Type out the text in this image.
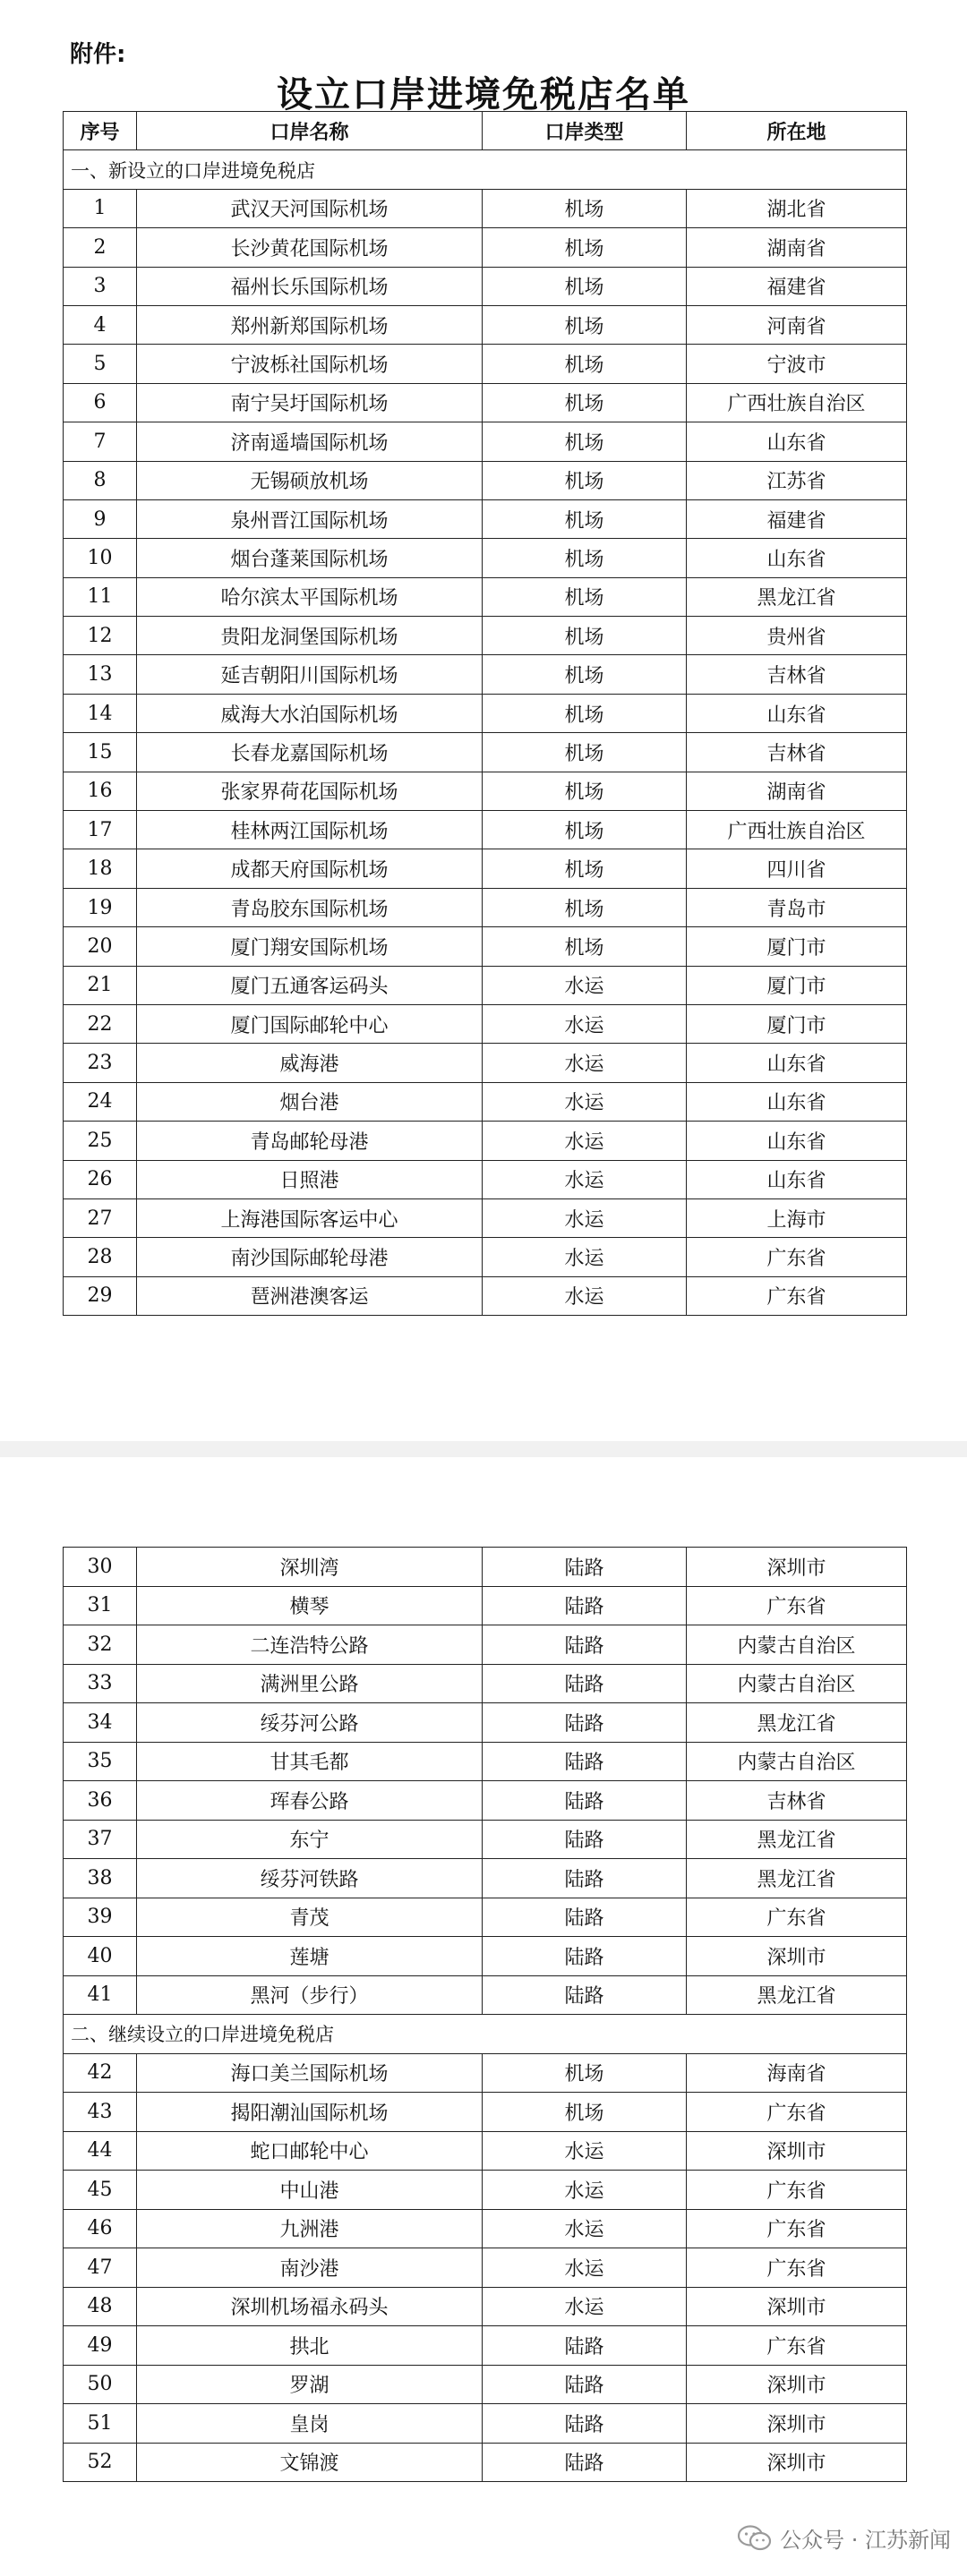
附件:
设立口岸进境免税店名单
序号	口岸名称	口岸类型	所在地
一、新设立的口岸进境免税店			
1	武汉天河国际机场	机场	湖北省
2	长沙黄花国际机场	机场	湖南省
3	福州长乐国际机场	机场	福建省
4	郑州新郑国际机场	机场	河南省
5	宁波栎社国际机场	机场	宁波市
6	南宁吴圩国际机场	机场	广西壮族自治区
7	济南遥墙国际机场	机场	山东省
8	无锡硕放机场	机场	江苏省
9	泉州晋江国际机场	机场	福建省
10	烟台蓬莱国际机场	机场	山东省
11	哈尔滨太平国际机场	机场	黑龙江省
12	贵阳龙洞堡国际机场	机场	贵州省
13	延吉朝阳川国际机场	机场	吉林省
14	威海大水泊国际机场	机场	山东省
15	长春龙嘉国际机场	机场	吉林省
16	张家界荷花国际机场	机场	湖南省
17	桂林两江国际机场	机场	广西壮族自治区
18	成都天府国际机场	机场	四川省
19	青岛胶东国际机场	机场	青岛市
20	厦门翔安国际机场	机场	厦门市
21	厦门五通客运码头	水运	厦门市
22	厦门国际邮轮中心	水运	厦门市
23	威海港	水运	山东省
24	烟台港	水运	山东省
25	青岛邮轮母港	水运	山东省
26	日照港	水运	山东省
27	上海港国际客运中心	水运	上海市
28	南沙国际邮轮母港	水运	广东省
29	琶洲港澳客运	水运	广东省
30	深圳湾	陆路	深圳市
31	横琴	陆路	广东省
32	二连浩特公路	陆路	内蒙古自治区
33	满洲里公路	陆路	内蒙古自治区
34	绥芬河公路	陆路	黑龙江省
35	甘其毛都	陆路	内蒙古自治区
36	珲春公路	陆路	吉林省
37	东宁	陆路	黑龙江省
38	绥芬河铁路	陆路	黑龙江省
39	青茂	陆路	广东省
40	莲塘	陆路	深圳市
41	黑河（步行）	陆路	黑龙江省
二、继续设立的口岸进境免税店			
42	海口美兰国际机场	机场	海南省
43	揭阳潮汕国际机场	机场	广东省
44	蛇口邮轮中心	水运	深圳市
45	中山港	水运	广东省
46	九洲港	水运	广东省
47	南沙港	水运	广东省
48	深圳机场福永码头	水运	深圳市
49	拱北	陆路	广东省
50	罗湖	陆路	深圳市
51	皇岗	陆路	深圳市
52	文锦渡	陆路	深圳市
公众号 · 江苏新闻
